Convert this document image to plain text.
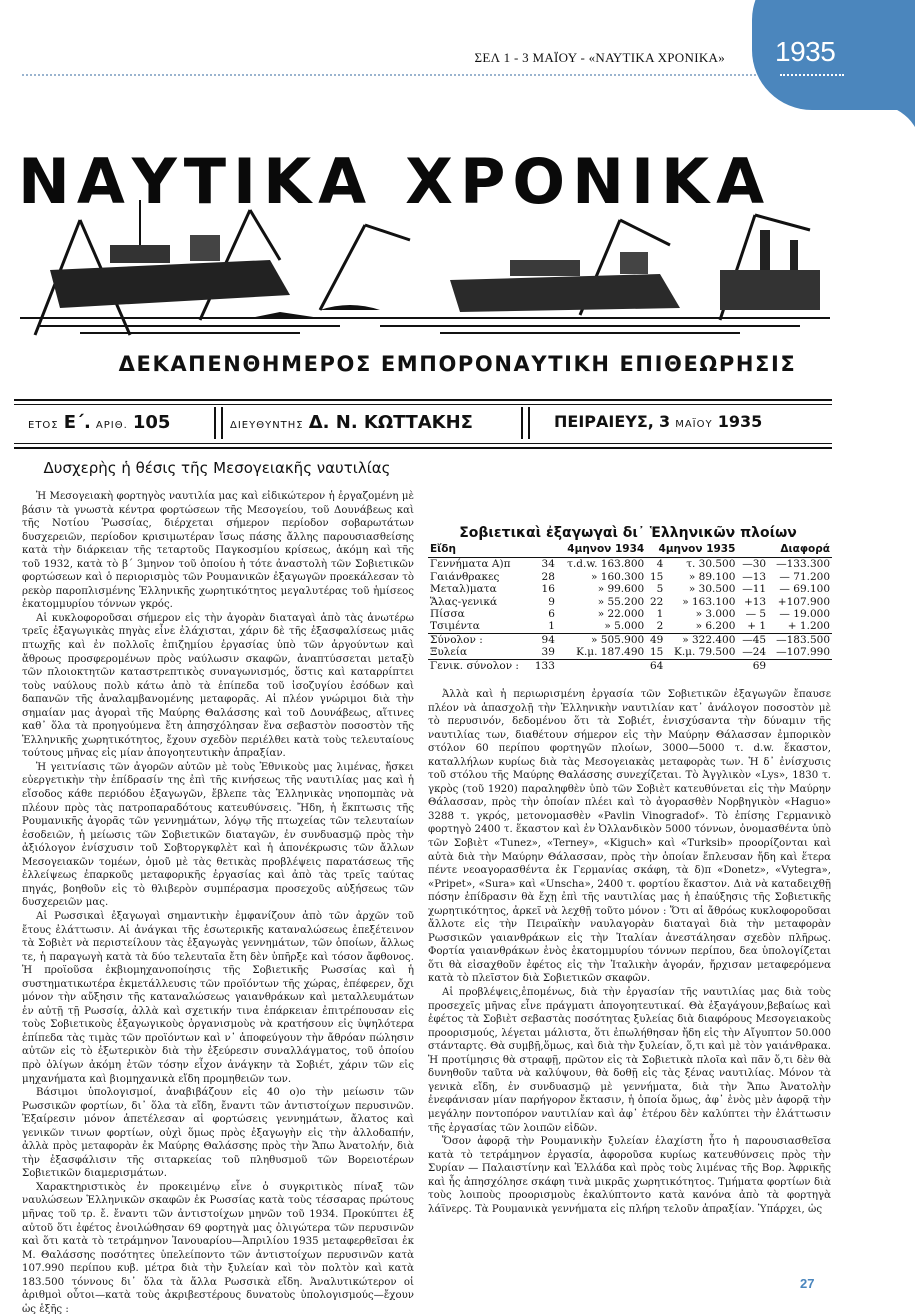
ΣΕΛ 1 - 3 ΜΑΪΟΥ - «ΝΑΥΤΙΚΑ ΧΡΟΝΙΚΑ» 1935
ΝΑΥΤΙΚΑ ΧΡΟΝΙΚΑ
ΔΕΚΑΠΕΝΘΗΜΕΡΟΣ ΕΜΠΟΡΟΝΑΥΤΙΚΗ ΕΠΙΘΕΩΡΗΣΙΣ
ΕΤΟΣ Ε΄. ΑΡΙΘ. 105	ΔΙΕΥΘΥΝΤΗΣ Δ. Ν. ΚΩΤΤΑΚΗΣ	ΠΕΙΡΑΙΕΥΣ, 3 ΜΑΪΟΥ 1935
Δυσχερὴς ἡ θέσις τῆς Μεσογειακῆς ναυτιλίας

Ἡ Μεσογειακὴ φορτηγὸς ναυτιλία μας καὶ εἰδικώτερον ἡ ἐργαζομένη μὲ βάσιν τὰ γνωστὰ κέντρα φορτώσεων τῆς Μεσογείου, τοῦ Δουνάβεως καὶ τῆς Νοτίου Ῥωσσίας, διέρχεται σήμερον περίοδον σοβαρωτάτων δυσχερειῶν, περίοδον κρισιμωτέραν ἴσως πάσης ἄλλης παρουσιασθείσης κατὰ τὴν διάρκειαν τῆς τεταρτοῦς Παγκοσμίου κρίσεως, ἀκόμη καὶ τῆς τοῦ 1932, κατὰ τὸ β΄ 3μηνον τοῦ ὁποίου ἡ τότε ἀναστολὴ τῶν Σοβιετικῶν φορτώσεων καὶ ὁ περιορισμὸς τῶν Ρουμανικῶν ἐξαγωγῶν προεκάλεσαν τὸ ρεκὸρ παροπλισμένης Ἑλληνικῆς χωρητικότητος μεγαλυτέρας τοῦ ἡμίσεος ἑκατομμυρίου τόννων γκρός.

Αἱ κυκλοφοροῦσαι σήμερον εἰς τὴν ἀγορὰν διαταγαὶ ἀπὸ τὰς ἀνωτέρω τρεῖς ἐξαγωγικὰς πηγὰς εἶνε ἐλάχισται, χάριν δὲ τῆς ἐξασφαλίσεως μιᾶς πτωχῆς καὶ ἐν πολλοῖς ἐπιζημίου ἐργασίας ὑπὸ τῶν ἀργούντων καὶ ἄθροως προσφερομένων πρὸς ναύλωσιν σκαφῶν, ἀναπτύσσεται μεταξὺ τῶν πλοιοκτητῶν καταστρεπτικὸς συναγωνισμός, ὅστις καὶ καταρρίπτει τοὺς ναύλους πολὺ κάτω ἀπὸ τὰ ἐπίπεδα τοῦ ἰσοζυγίου ἐσόδων καὶ δαπανῶν τῆς ἀναλαμβανομένης μεταφορᾶς. Αἱ πλέον γνώριμοι διὰ τὴν σημαίαν μας ἀγοραὶ τῆς Μαύρης Θαλάσσης καὶ τοῦ Δουνάβεως, αἵτινες καθ᾽ ὅλα τὰ προηγούμενα ἔτη ἀπησχόλησαν ἕνα σεβαστὸν ποσοστὸν τῆς Ἑλληνικῆς χωρητικότητος, ἔχουν σχεδὸν περιέλθει κατὰ τοὺς τελευταίους τούτους μῆνας εἰς μίαν ἀπογοητευτικὴν ἀπραξίαν.

Ἡ γειτνίασις τῶν ἀγορῶν αὐτῶν μὲ τοὺς Ἐθνικοὺς μας λιμένας, ἤσκει εὐεργετικὴν τὴν ἐπίδρασίν της ἐπὶ τῆς κινήσεως τῆς ναυτιλίας μας καὶ ἡ εἴσοδος κάθε περιόδου ἐξαγωγῶν, ἔβλεπε τὰς Ἑλληνικὰς νηοπομπὰς νὰ πλέουν πρὸς τὰς πατροπαραδότους κατευθύνσεις. Ἤδη, ἡ ἔκπτωσις τῆς Ρουμανικῆς ἀγορᾶς τῶν γεννημάτων, λόγῳ τῆς πτωχείας τῶν τελευταίων ἐσοδειῶν, ἡ μείωσις τῶν Σοβιετικῶν διαταγῶν, ἐν συνδυασμῷ πρὸς τὴν ἀξιόλογον ἐνίσχυσιν τοῦ Σοβτοργκφλὲτ καὶ ἡ ἀπονέκρωσις τῶν ἄλλων Μεσογειακῶν τομέων, ὁμοῦ μὲ τὰς θετικὰς προβλέψεις παρατάσεως τῆς ἐλλείψεως ἐπαρκοῦς μεταφορικῆς ἐργασίας καὶ ἀπὸ τὰς τρεῖς ταύτας πηγάς, βοηθοῦν εἰς τὸ θλιβερὸν συμπέρασμα προσεχοῦς αὐξήσεως τῶν δυσχερειῶν μας.

Αἱ Ρωσσικαὶ ἐξαγωγαὶ σημαντικὴν ἐμφανίζουν ἀπὸ τῶν ἀρχῶν τοῦ ἔτους ἐλάττωσιν. Αἱ ἀνάγκαι τῆς ἐσωτερικῆς καταναλώσεως ἐπεξέτεινον τὰ Σοβιὲτ νὰ περιστείλουν τὰς ἐξαγωγὰς γεννημάτων, τῶν ὁποίων, ἄλλως τε, ἡ παραγωγὴ κατὰ τὰ δύο τελευταῖα ἔτη δὲν ὑπῆρξε καὶ τόσον ἄφθονος. Ἡ προϊοῦσα ἐκβιομηχανοποίησις τῆς Σοβιετικῆς Ρωσσίας καὶ ἡ συστηματικωτέρα ἐκμετάλλευσις τῶν προϊόντων τῆς χώρας, ἐπέφερεν, ὄχι μόνον τὴν αὔξησιν τῆς καταναλώσεως γαιανθράκων καὶ μεταλλευμάτων ἐν αὐτῇ τῇ Ρωσσίᾳ, ἀλλὰ καὶ σχετικήν τινα ἐπάρκειαν ἐπιτρέπουσαν εἰς τοὺς Σοβιετικοὺς ἐξαγωγικοὺς ὀργανισμοὺς νὰ κρατήσουν εἰς ὑψηλότερα ἐπίπεδα τὰς τιμὰς τῶν προϊόντων καὶ ν᾽ ἀποφεύγουν τὴν ἄθρόαν πώλησιν αὐτῶν εἰς τὸ ἐξωτερικὸν διὰ τὴν ἐξεύρεσιν συναλλάγματος, τοῦ ὁποίου πρὸ ὀλίγων ἀκόμη ἐτῶν τόσην εἶχον ἀνάγκην τὰ Σοβιέτ, χάριν τῶν εἰς μηχανήματα καὶ βιομηχανικὰ εἴδη προμηθειῶν των.

Βάσιμοι ὑπολογισμοί, ἀναβιβάζουν εἰς 40 ο)ο τὴν μείωσιν τῶν Ρωσσικῶν φορτίων, δι᾽ ὅλα τὰ εἴδη, ἔναντι τῶν ἀντιστοίχων περυσινῶν. Ἐξαίρεσιν μόνον ἀπετέλεσαν αἱ φορτώσεις γεννημάτων, ἄλατος καὶ γενικῶν τινων φορτίων, οὐχὶ ὅμως πρὸς ἐξαγωγὴν εἰς τὴν ἀλλοδαπήν, ἀλλὰ πρὸς μεταφορὰν ἐκ Μαύρης Θαλάσσης πρὸς τὴν Ἄπω Ἀνατολήν, διὰ τὴν ἐξασφάλισιν τῆς σιταρκείας τοῦ πληθυσμοῦ τῶν Βορειοτέρων Σοβιετικῶν διαμερισμάτων.

Χαρακτηριστικὸς ἐν προκειμένῳ εἶνε ὁ συγκριτικὸς πίναξ τῶν ναυλώσεων Ἑλληνικῶν σκαφῶν ἐκ Ρωσσίας κατὰ τοὺς τέσσαρας πρώτους μῆνας τοῦ τρ. ἔ. ἔναντι τῶν ἀντιστοίχων μηνῶν τοῦ 1934. Προκύπτει ἐξ αὐτοῦ ὅτι ἐφέτος ἐνοιλώθησαν 69 φορτηγὰ μας ὀλιγώτερα τῶν περυσινῶν καὶ ὅτι κατὰ τὸ τετράμηνον Ἰανουαρίου—Ἀπριλίου 1935 μεταφερθεῖσαι ἐκ Μ. Θαλάσσης ποσότητες ὑπελείποντο τῶν ἀντιστοίχων περυσινῶν κατὰ 107.990 περίπου κυβ. μέτρα διὰ τὴν ξυλείαν καὶ τὸν πολτὸν καὶ κατὰ 183.500 τόννους δι᾽ ὅλα τὰ ἄλλα Ρωσσικὰ εἴδη. Ἀναλυτικώτερον οἱ ἀριθμοὶ οὗτοι—κατὰ τοὺς ἀκριβεστέρους δυνατοὺς ὑπολογισμούς—ἔχουν ὡς ἑξῆς :

Σοβιετικαὶ ἐξαγωγαὶ δι᾽ Ἑλληνικῶν πλοίων
Εἴδη	4μηνον 1934		4μηνον 1935		Διαφορά	
Γεννήματα Α)π	34	τ.d.w. 163.800	4	τ. 30.500	—30	—133.300
Γαιάνθρακες	28	» 160.300	15	» 89.100	—13	— 71.200
Μεταλ)ματα	16	» 99.600	5	» 30.500	—11	— 69.100
Ἅλας-γενικά	9	» 55.200	22	» 163.100	+13	+107.900
Πίσσα	6	» 22.000	1	» 3.000	— 5	— 19.000
Τσιμέντα	1	» 5.000	2	» 6.200	+ 1	+ 1.200
Σύνολον :	94	» 505.900	49	» 322.400	—45	—183.500
Ξυλεία	39	Κ.μ. 187.490	15	Κ.μ. 79.500	—24	—107.990
Γενικ. σύνολον :	133		64		69	

Ἀλλὰ καὶ ἡ περιωρισμένη ἐργασία τῶν Σοβιετικῶν ἐξαγωγῶν ἔπαυσε πλέον νὰ ἀπασχολῇ τὴν Ἑλληνικὴν ναυτιλίαν κατ᾽ ἀνάλογον ποσοστὸν μὲ τὸ περυσινόν, δεδομένου ὅτι τὰ Σοβιέτ, ἐνισχύσαντα τὴν δύναμιν τῆς ναυτιλίας των, διαθέτουν σήμερον εἰς τὴν Μαύρην Θάλασσαν ἐμπορικὸν στόλον 60 περίπου φορτηγῶν πλοίων, 3000—5000 τ. d.w. ἕκαστον, καταλλήλων κυρίως διὰ τὰς Μεσογειακὰς μεταφορὰς των. Ἡ δ᾽ ἐνίσχυσις τοῦ στόλου τῆς Μαύρης Θαλάσσης συνεχίζεται. Τὸ Ἀγγλικὸν «Lys», 1830 τ. γκρὸς (τοῦ 1920) παραληφθὲν ὑπὸ τῶν Σοβιὲτ κατευθύνεται εἰς τὴν Μαύρην Θάλασσαν, πρὸς τὴν ὁποίαν πλέει καὶ τὸ ἀγορασθὲν Νορβηγικὸν «Haguo» 3288 τ. γκρός, μετονομασθὲν «Pavlin Vinogradof». Τὸ ἐπίσης Γερμανικὸ φορτηγὸ 2400 τ. ἕκαστον καὶ ἐν Ὀλλανδικὸν 5000 τόννων, ὀνομασθέντα ὑπὸ τῶν Σοβιὲτ «Tunez», «Terney», «Kiguch» καὶ «Turksib» προορίζονται καὶ αὐτὰ διὰ τὴν Μαύρην Θάλασσαν, πρὸς τὴν ὁποίαν ἔπλευσαν ἤδη καὶ ἕτερα πέντε νεοαγορασθέντα ἐκ Γερμανίας σκάφη, τὰ δ)π «Donetz», «Vytegra», «Pripet», «Sura» καὶ «Unscha», 2400 τ. φορτίου ἕκαστον. Διὰ νὰ καταδειχθῇ πόσην ἐπίδρασιν θὰ ἔχῃ ἐπὶ τῆς ναυτιλίας μας ἡ ἐπαύξησις τῆς Σοβιετικῆς χωρητικότητος, ἀρκεῖ νὰ λεχθῇ τοῦτο μόνον : Ὅτι αἱ ἄθρόως κυκλοφοροῦσαι ἄλλοτε εἰς τὴν Πειραϊκὴν ναυλαγορὰν διαταγαὶ διὰ τὴν μεταφορὰν Ρωσσικῶν γαιανθράκων εἰς τὴν Ἰταλίαν ἀνεστάλησαν σχεδὸν πλῆρως. Φορτία γαιανθράκων ἑνὸς ἑκατομμυρίου τόννων περίπου, δεα ὑπολογίζεται ὅτι θὰ εἰσαχθοῦν ἐφέτος εἰς τὴν Ἰταλικὴν ἀγοράν, ἤρχισαν μεταφερόμενα κατὰ τὸ πλεῖστον διὰ Σοβιετικῶν σκαφῶν.

Αἱ προβλέψεις,ἑπομένως, διὰ τὴν ἐργασίαν τῆς ναυτιλίας μας διὰ τοὺς προσεχεῖς μῆνας εἶνε πράγματι ἀπογοητευτικαί. Θὰ ἐξαγάγουν,βεβαίως καὶ ἐφέτος τὰ Σοβιὲτ σεβαστὰς ποσότητας ξυλείας διὰ διαφόρους Μεσογειακοὺς προορισμούς, λέγεται μάλιστα, ὅτι ἐπωλήθησαν ἤδη εἰς τὴν Αἴγυπτον 50.000 στάνταρτς. Θὰ συμβῇ,ὅμως, καὶ διὰ τὴν ξυλείαν, ὅ,τι καὶ μὲ τὸν γαιάνθρακα. Ἡ προτίμησις θὰ στραφῇ, πρῶτον εἰς τὰ Σοβιετικὰ πλοῖα καὶ πᾶν ὅ,τι δὲν θὰ δυνηθοῦν ταῦτα νὰ καλύψουν, θὰ δοθῇ εἰς τὰς ξένας ναυτιλίας. Μόνον τὰ γενικὰ εἴδη, ἐν συνδυασμῷ μὲ γεννήματα, διὰ τὴν Ἄπω Ἀνατολὴν ἐνεφάνισαν μίαν παρήγορον ἔκτασιν, ἡ ὁποία ὅμως, ἀφ᾽ ἑνὸς μὲν ἀφορᾷ τὴν μεγάλην ποντοπόρον ναυτιλίαν καὶ ἀφ᾽ ἑτέρου δὲν καλύπτει τὴν ἐλάττωσιν τῆς ἐργασίας τῶν λοιπῶν εἰδῶν.

Ὅσον ἀφορᾷ τὴν Ρουμανικὴν ξυλείαν ἐλαχίστη ἦτο ἡ παρουσιασθεῖσα κατὰ τὸ τετράμηνον ἐργασία, ἀφοροῦσα κυρίως κατευθύνσεις πρὸς τὴν Συρίαν — Παλαιστίνην καὶ Ἑλλάδα καὶ πρὸς τοὺς λιμένας τῆς Βορ. Ἀφρικῆς καὶ ἧς ἀπησχόλησε σκάφη τινὰ μικρᾶς χωρητικότητος. Τμήματα φορτίων διὰ τοὺς λοιποὺς προορισμοὺς ἐκαλύπτοντο κατὰ κανόνα ἀπὸ τὰ φορτηγὰ λάϊνερς. Τὰ Ρουμανικὰ γεννήματα εἰς πλήρη τελοῦν ἀπραξίαν. Ὑπάρχει, ὡς

27
